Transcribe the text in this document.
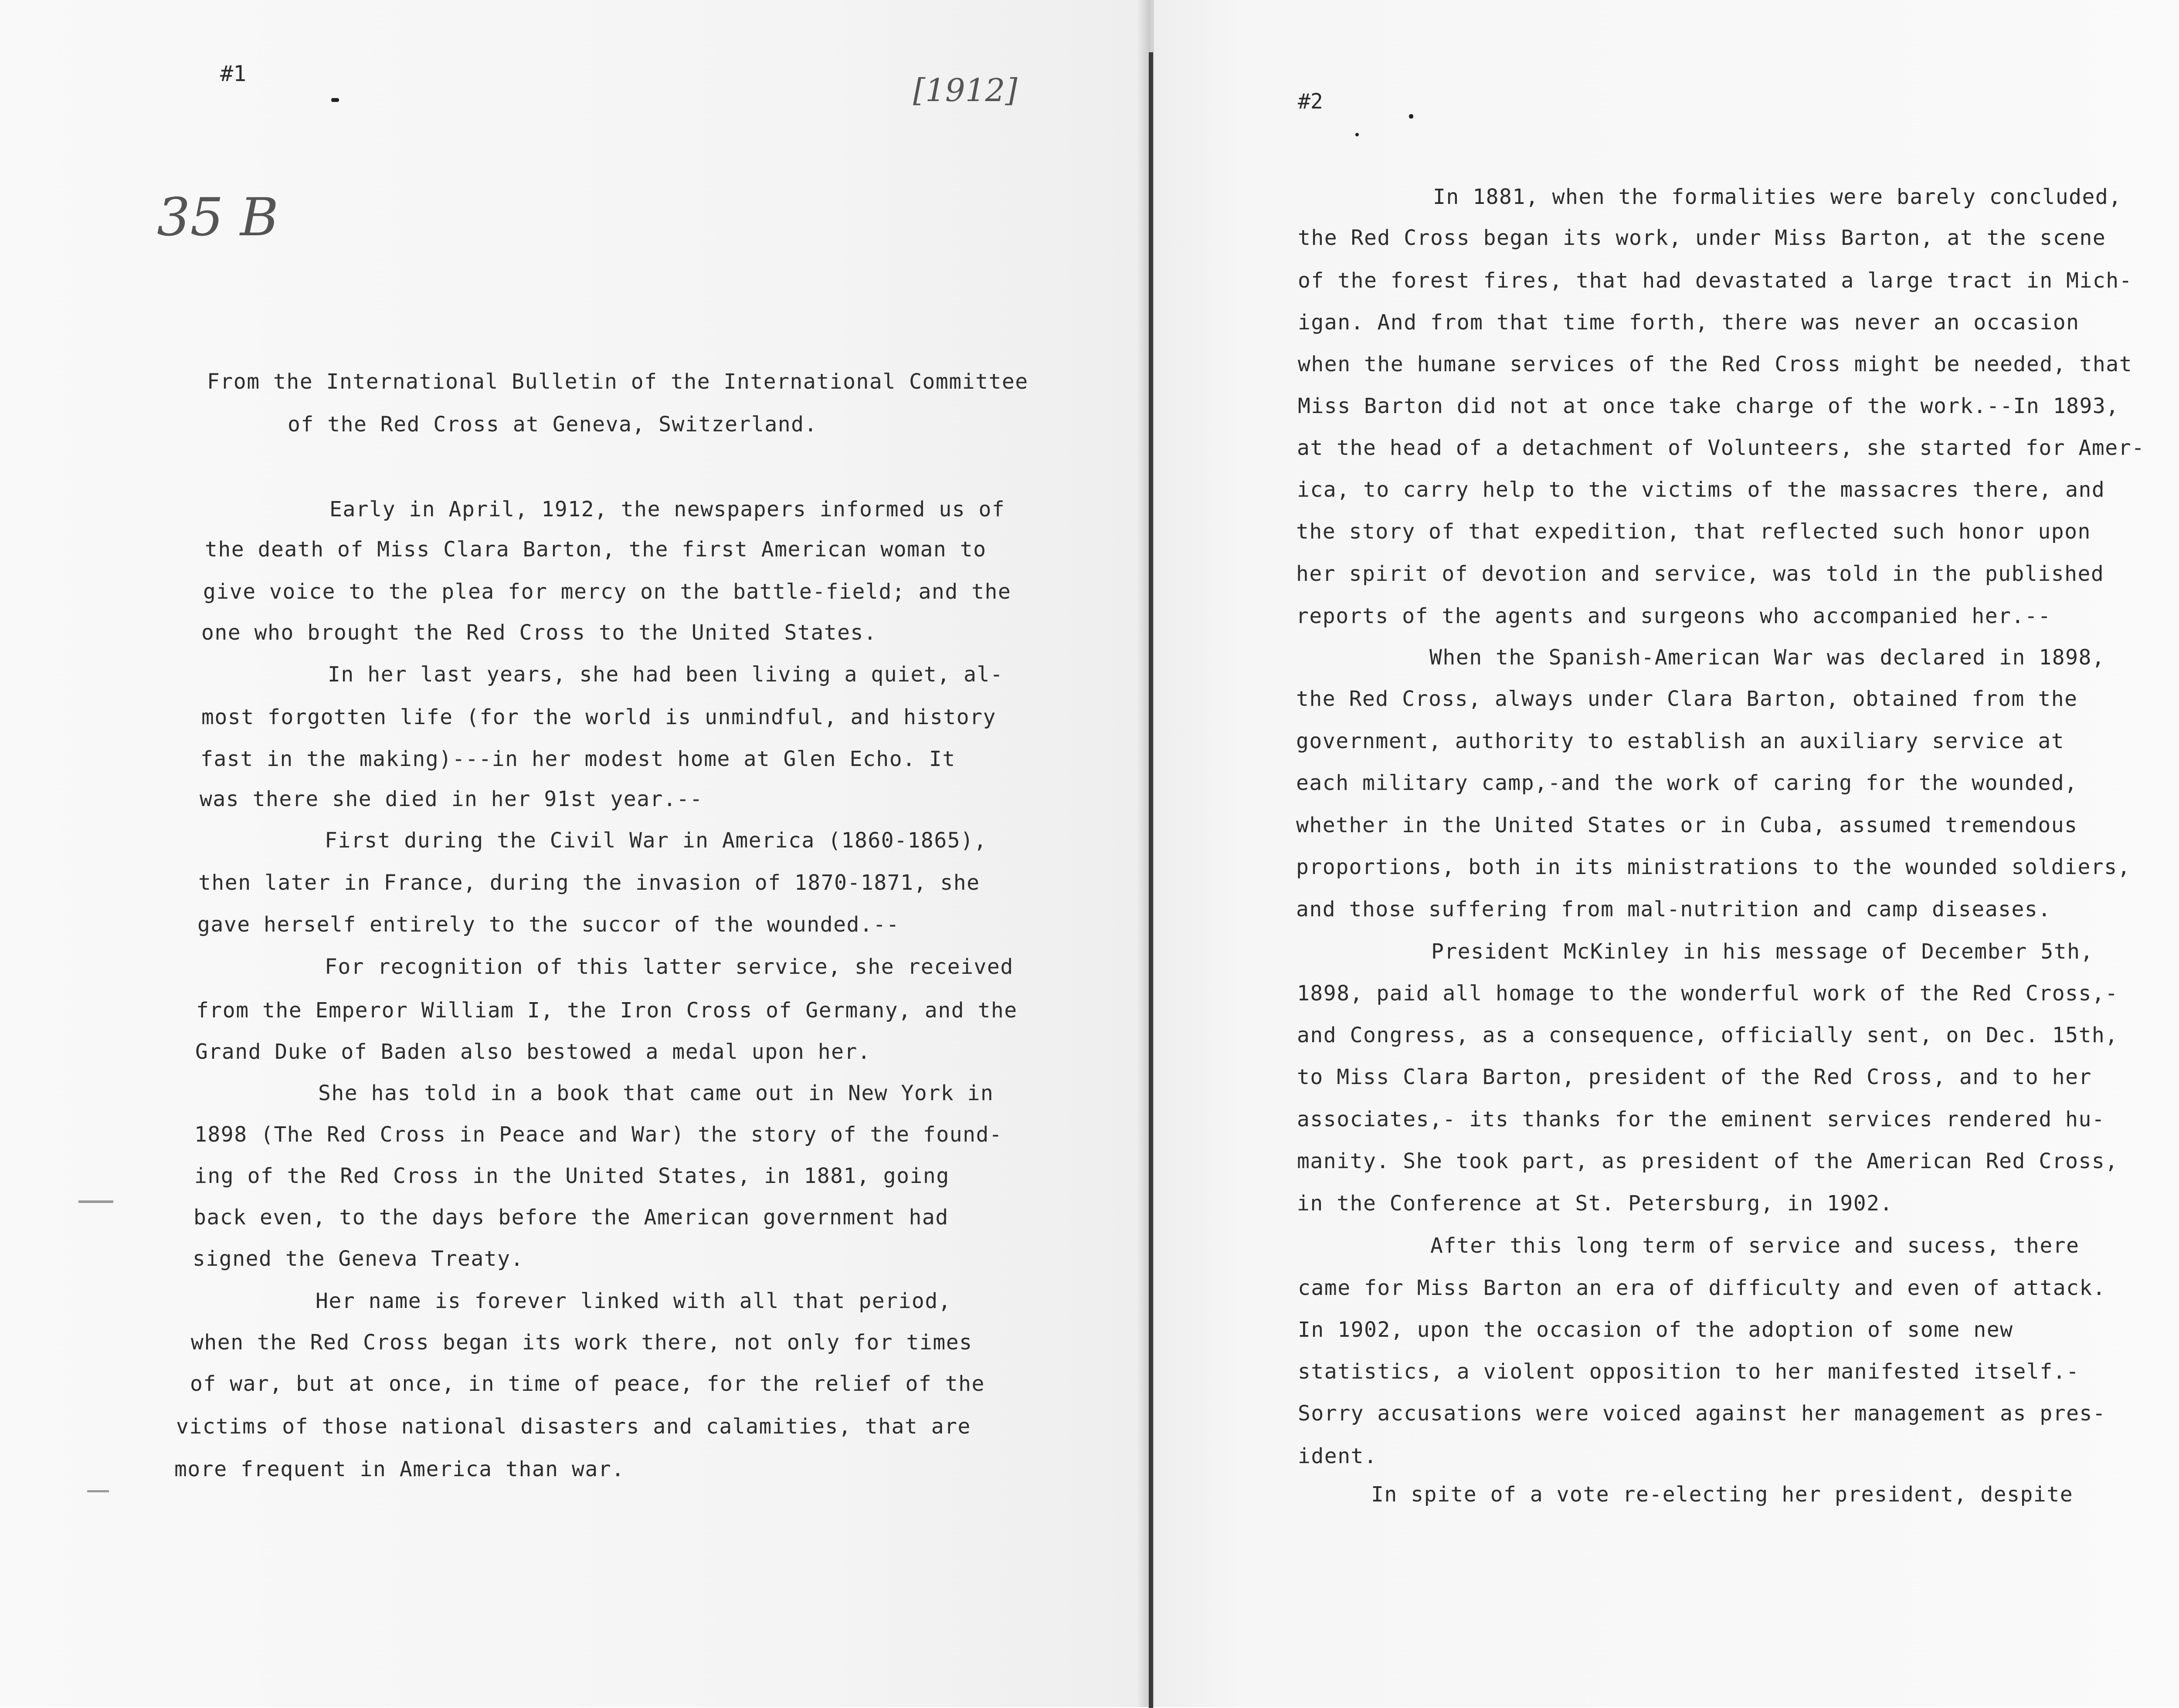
#1	[1912]
35 B
From the International Bulletin of the International Committee
of the Red Cross at Geneva, Switzerland.
Early in April, 1912, the newspapers informed us of
the death of Miss Clara Barton, the first American woman to
give voice to the plea for mercy on the battle-field; and the
one who brought the Red Cross to the United States.
In her last years, she had been living a quiet, al-
most forgotten life (for the world is unmindful, and history
fast in the making)---in her modest home at Glen Echo. It
was there she died in her 91st year.--
First during the Civil War in America (1860-1865),
then later in France, during the invasion of 1870-1871, she
gave herself entirely to the succor of the wounded.--
For recognition of this latter service, she received
from the Emperor William I, the Iron Cross of Germany, and the
Grand Duke of Baden also bestowed a medal upon her.
She has told in a book that came out in New York in
1898 (The Red Cross in Peace and War) the story of the found-
ing of the Red Cross in the United States, in 1881, going
back even, to the days before the American government had
signed the Geneva Treaty.
Her name is forever linked with all that period,
when the Red Cross began its work there, not only for times
of war, but at once, in time of peace, for the relief of the
victims of those national disasters and calamities, that are
more frequent in America than war.
#2
In 1881, when the formalities were barely concluded,
the Red Cross began its work, under Miss Barton, at the scene
of the forest fires, that had devastated a large tract in Mich-
igan. And from that time forth, there was never an occasion
when the humane services of the Red Cross might be needed, that
Miss Barton did not at once take charge of the work.--In 1893,
at the head of a detachment of Volunteers, she started for Amer-
ica, to carry help to the victims of the massacres there, and
the story of that expedition, that reflected such honor upon
her spirit of devotion and service, was told in the published
reports of the agents and surgeons who accompanied her.--
When the Spanish-American War was declared in 1898,
the Red Cross, always under Clara Barton, obtained from the
government, authority to establish an auxiliary service at
each military camp,-and the work of caring for the wounded,
whether in the United States or in Cuba, assumed tremendous
proportions, both in its ministrations to the wounded soldiers,
and those suffering from mal-nutrition and camp diseases.
President McKinley in his message of December 5th,
1898, paid all homage to the wonderful work of the Red Cross,-
and Congress, as a consequence, officially sent, on Dec. 15th,
to Miss Clara Barton, president of the Red Cross, and to her
associates,- its thanks for the eminent services rendered hu-
manity. She took part, as president of the American Red Cross,
in the Conference at St. Petersburg, in 1902.
After this long term of service and sucess, there
came for Miss Barton an era of difficulty and even of attack.
In 1902, upon the occasion of the adoption of some new
statistics, a violent opposition to her manifested itself.-
Sorry accusations were voiced against her management as pres-
ident.
In spite of a vote re-electing her president, despite
